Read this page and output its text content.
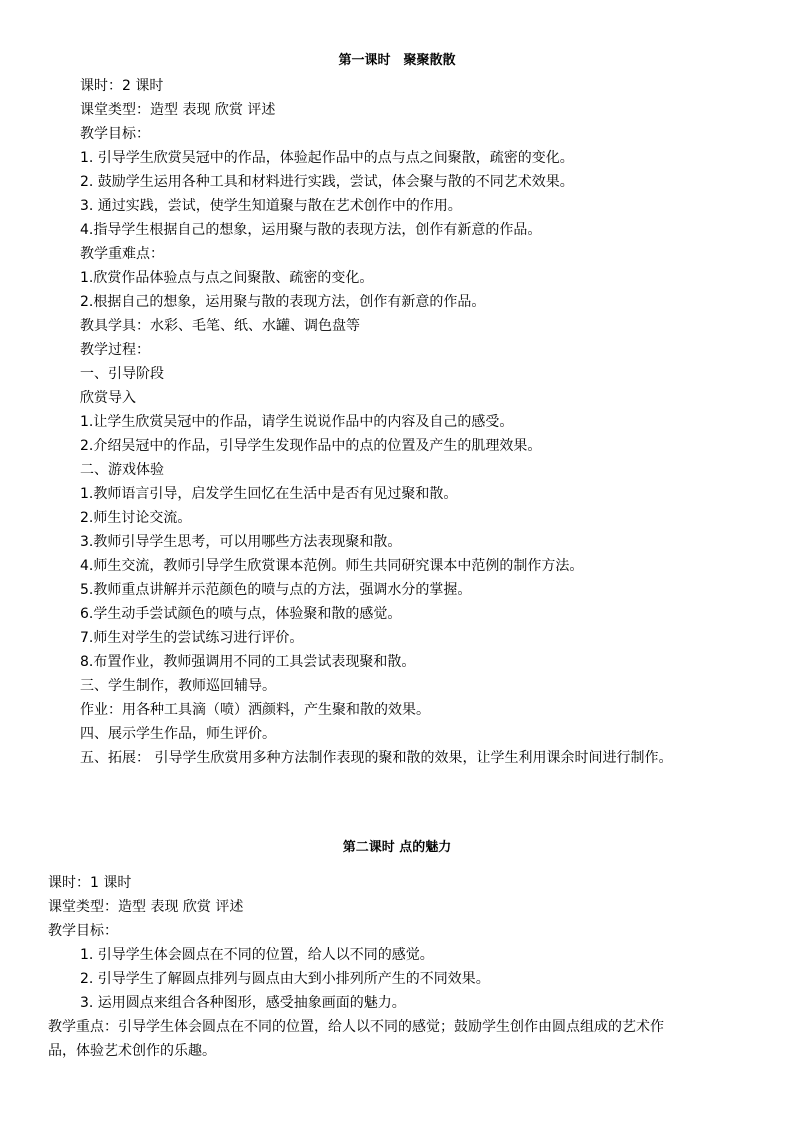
第一课时　聚聚散散
课时：2 课时
课堂类型：造型 表现 欣赏 评述
教学目标：
1. 引导学生欣赏吴冠中的作品，体验起作品中的点与点之间聚散，疏密的变化。
2. 鼓励学生运用各种工具和材料进行实践，尝试，体会聚与散的不同艺术效果。
3. 通过实践，尝试，使学生知道聚与散在艺术创作中的作用。
4.指导学生根据自己的想象，运用聚与散的表现方法，创作有新意的作品。
教学重难点：
1.欣赏作品体验点与点之间聚散、疏密的变化。
2.根据自己的想象，运用聚与散的表现方法，创作有新意的作品。
教具学具：水彩、毛笔、纸、水罐、调色盘等
教学过程：
一、引导阶段
欣赏导入
1.让学生欣赏吴冠中的作品，请学生说说作品中的内容及自己的感受。
2.介绍吴冠中的作品，引导学生发现作品中的点的位置及产生的肌理效果。
二、游戏体验
1.教师语言引导，启发学生回忆在生活中是否有见过聚和散。
2.师生讨论交流。
3.教师引导学生思考，可以用哪些方法表现聚和散。
4.师生交流，教师引导学生欣赏课本范例。师生共同研究课本中范例的制作方法。
5.教师重点讲解并示范颜色的喷与点的方法，强调水分的掌握。
6.学生动手尝试颜色的喷与点，体验聚和散的感觉。
7.师生对学生的尝试练习进行评价。
8.布置作业，教师强调用不同的工具尝试表现聚和散。
三、学生制作，教师巡回辅导。
作业：用各种工具滴（喷）洒颜料，产生聚和散的效果。
四、展示学生作品，师生评价。
五、拓展： 引导学生欣赏用多种方法制作表现的聚和散的效果，让学生利用课余时间进行制作。
第二课时 点的魅力
课时：1 课时
课堂类型：造型 表现 欣赏 评述
教学目标：
1. 引导学生体会圆点在不同的位置，给人以不同的感觉。
2. 引导学生了解圆点排列与圆点由大到小排列所产生的不同效果。
3. 运用圆点来组合各种图形，感受抽象画面的魅力。
教学重点：引导学生体会圆点在不同的位置，给人以不同的感觉；鼓励学生创作由圆点组成的艺术作
品，体验艺术创作的乐趣。
